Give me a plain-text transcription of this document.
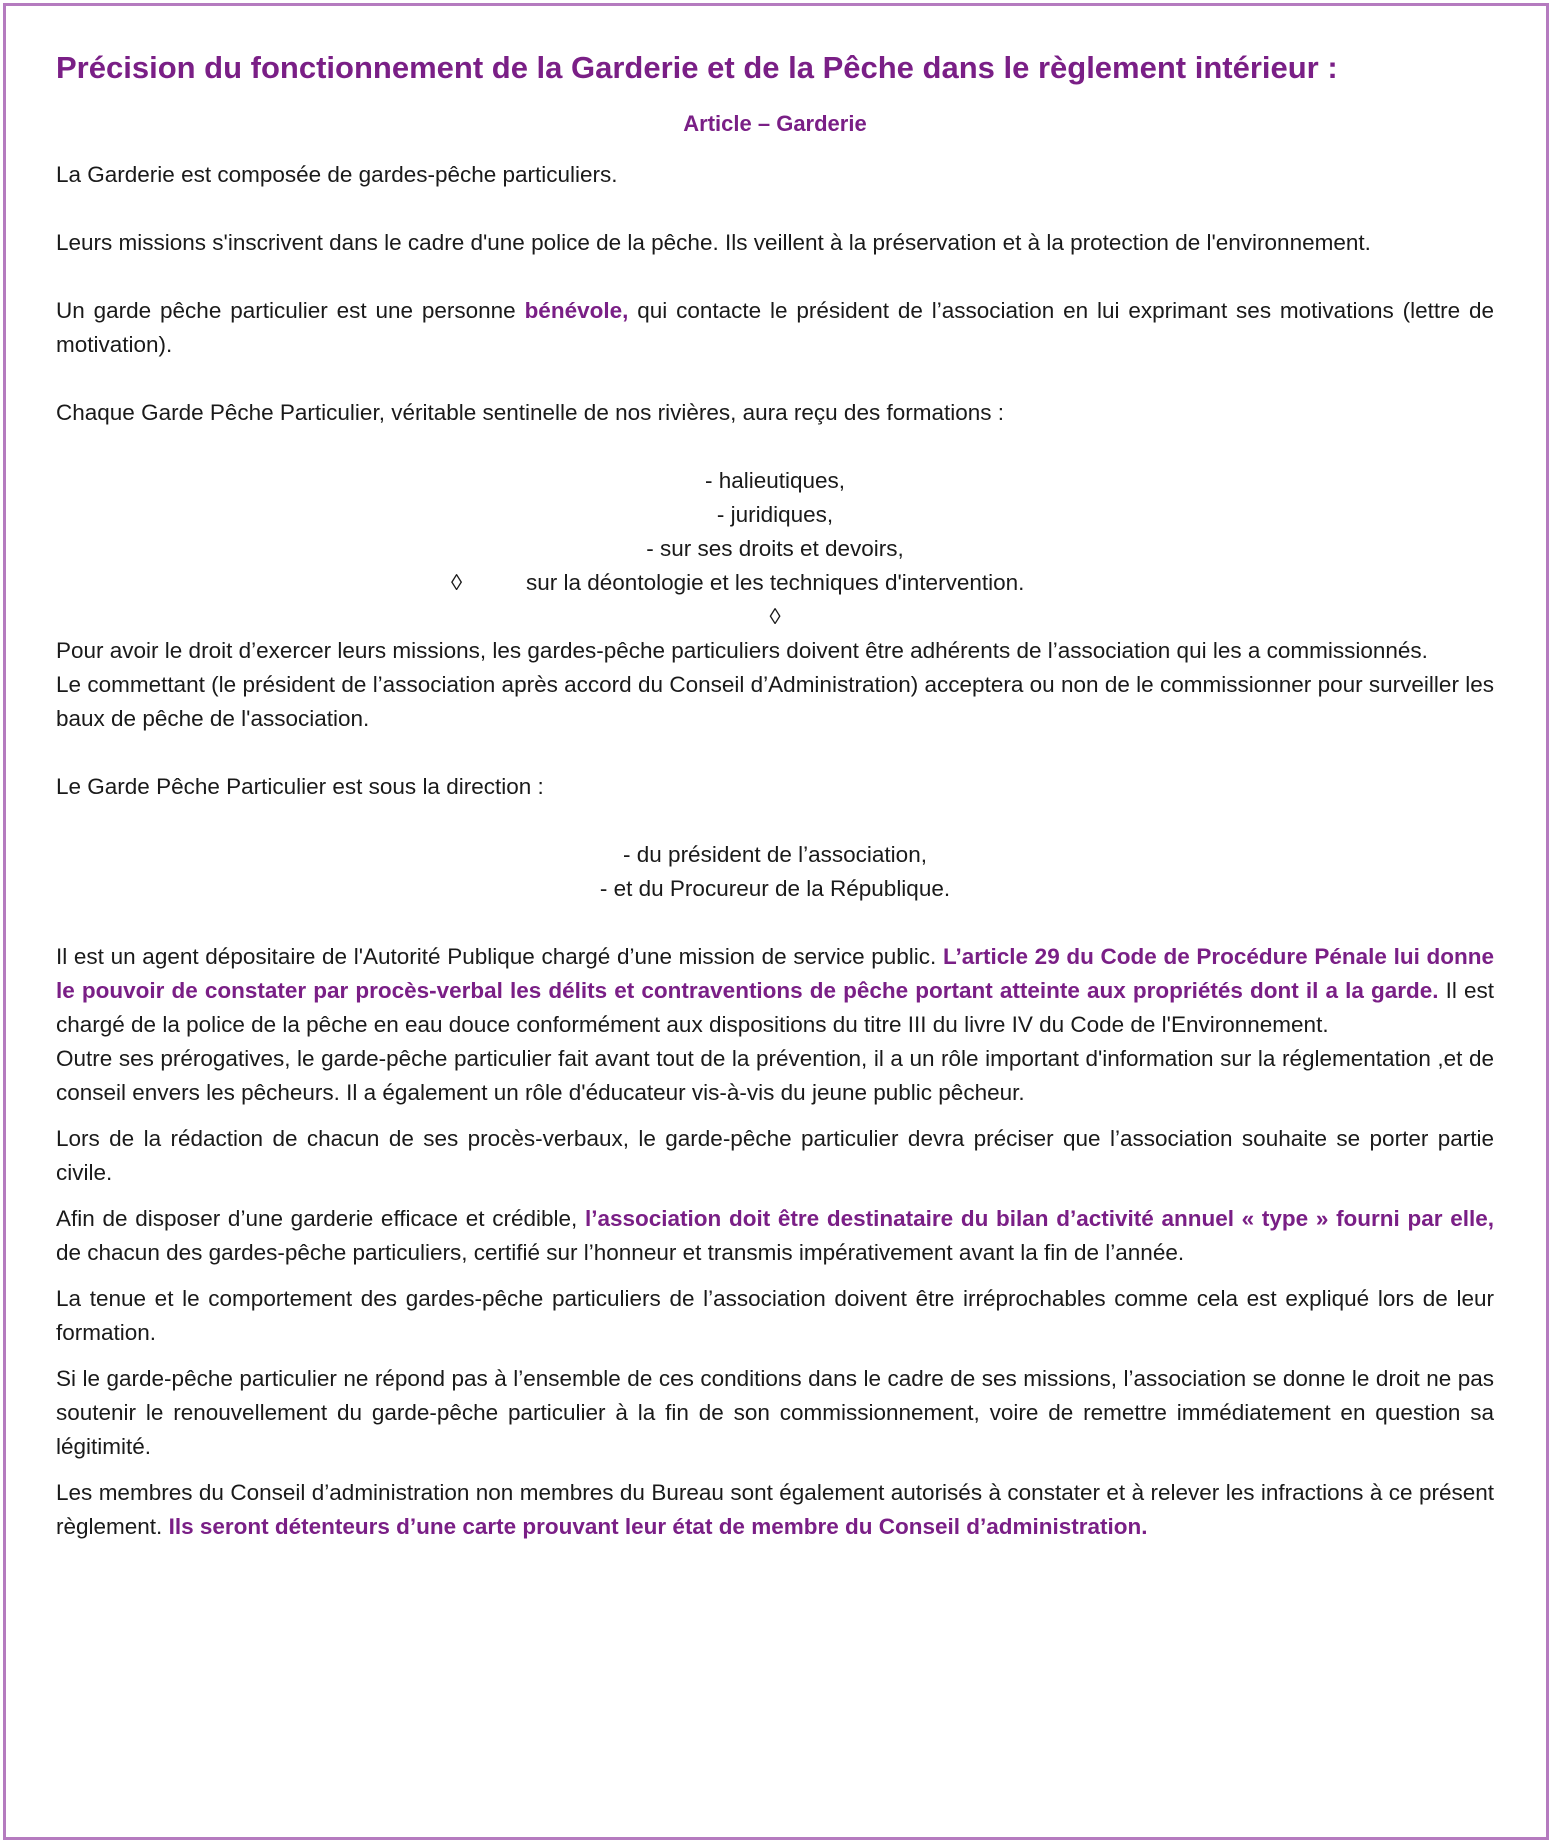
Précision du fonctionnement de la Garderie et de la Pêche dans le règlement intérieur :
Article – Garderie

La Garderie est composée de gardes-pêche particuliers.

Leurs missions s'inscrivent dans le cadre d'une police de la pêche. Ils veillent à la préservation et à la protection de l'environnement.

Un garde pêche particulier est une personne bénévole, qui contacte le président de l’association en lui exprimant ses motivations (lettre de motivation).

Chaque Garde Pêche Particulier, véritable sentinelle de nos rivières, aura reçu des formations :

- halieutiques,

- juridiques,

- sur ses droits et devoirs,

◊	sur la déontologie et les techniques d'intervention.

◊

Pour avoir le droit d’exercer leurs missions, les gardes-pêche particuliers doivent être adhérents de l’association qui les a commissionnés.

Le commettant (le président de l’association après accord du Conseil d’Administration) acceptera ou non de le commissionner pour surveiller les baux de pêche de l'association.

Le Garde Pêche Particulier est sous la direction :

- du président de l’association,

- et du Procureur de la République.

Il est un agent dépositaire de l'Autorité Publique chargé d’une mission de service public. L’article 29 du Code de Procédure Pénale lui donne le pouvoir de constater par procès-verbal les délits et contraventions de pêche portant atteinte aux propriétés dont il a la garde. Il est chargé de la police de la pêche en eau douce conformément aux dispositions du titre III du livre IV du Code de l'Environnement.

Outre ses prérogatives, le garde-pêche particulier fait avant tout de la prévention, il a un rôle important d'information sur la réglementation ,et de conseil envers les pêcheurs. Il a également un rôle d'éducateur vis-à-vis du jeune public pêcheur.

Lors de la rédaction de chacun de ses procès-verbaux, le garde-pêche particulier devra préciser que l’association souhaite se porter partie civile.

Afin de disposer d’une garderie efficace et crédible, l’association doit être destinataire du bilan d’activité annuel « type » fourni par elle, de chacun des gardes-pêche particuliers, certifié sur l’honneur et transmis impérativement avant la fin de l’année.

La tenue et le comportement des gardes-pêche particuliers de l’association doivent être irréprochables comme cela est expliqué lors de leur formation.

Si le garde-pêche particulier ne répond pas à l’ensemble de ces conditions dans le cadre de ses missions, l’association se donne le droit ne pas soutenir le renouvellement du garde-pêche particulier à la fin de son commissionnement, voire de remettre immédiatement en question sa légitimité.

Les membres du Conseil d’administration non membres du Bureau sont également autorisés à constater et à relever les infractions à ce présent règlement. Ils seront détenteurs d’une carte prouvant leur état de membre du Conseil d’administration.
